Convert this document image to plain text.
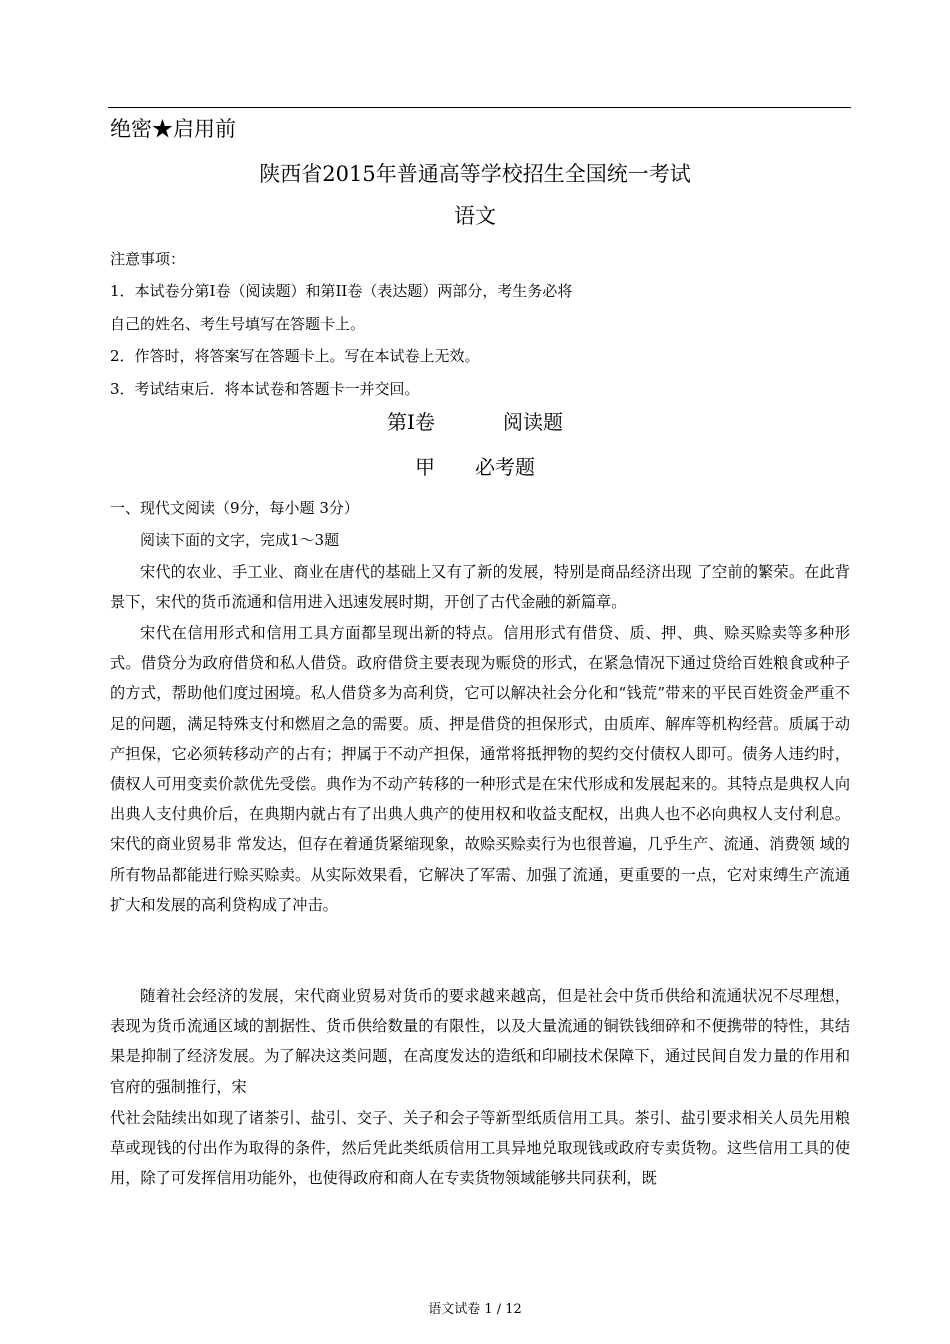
绝密★启用前
陕西省2015年普通高等学校招生全国统一考试
语文
注意事项：
1．本试卷分第I卷（阅读题）和第II卷（表达题）两部分，考生务必将
自己的姓名、考生号填写在答题卡上。
2．作答时，将答案写在答题卡上。写在本试卷上无效。
3．考试结束后．将本试卷和答题卡一并交回。
第I卷	阅读题
甲 必考题
一、现代文阅读（9分，每小题 3分）
阅读下面的文字，完成1～3题

宋代的农业、手工业、商业在唐代的基础上又有了新的发展，特别是商品经济出现 了空前的繁荣。在此背景下，宋代的货币流通和信用进入迅速发展时期，开创了古代金融的新篇章。

宋代在信用形式和信用工具方面都呈现出新的特点。信用形式有借贷、质、押、典、赊买赊卖等多种形式。借贷分为政府借贷和私人借贷。政府借贷主要表现为赈贷的形式，在紧急情况下通过贷给百姓粮食或种子的方式，帮助他们度过困境。私人借贷多为高利贷，它可以解决社会分化和“钱荒”带来的平民百姓资金严重不足的问题，满足特殊支付和燃眉之急的需要。质、押是借贷的担保形式，由质库、解库等机构经营。质属于动产担保，它必须转移动产的占有；押属于不动产担保，通常将抵押物的契约交付债权人即可。债务人违约时，债权人可用变卖价款优先受偿。典作为不动产转移的一种形式是在宋代形成和发展起来的。其特点是典权人向出典人支付典价后，在典期内就占有了出典人典产的使用权和收益支配权，出典人也不必向典权人支付利息。宋代的商业贸易非 常发达，但存在着通货紧缩现象，故赊买赊卖行为也很普遍，几乎生产、流通、消费领 域的所有物品都能进行赊买赊卖。从实际效果看，它解决了军需、加强了流通，更重要的一点，它对束缚生产流通扩大和发展的高利贷构成了冲击。

随着社会经济的发展，宋代商业贸易对货币的要求越来越高，但是社会中货币供给和流通状况不尽理想，表现为货币流通区域的割据性、货币供给数量的有限性，以及大量流通的铜铁钱细碎和不便携带的特性，其结果是抑制了经济发展。为了解决这类问题，在高度发达的造纸和印刷技术保障下，通过民间自发力量的作用和官府的强制推行，宋

代社会陆续出如现了诸茶引、盐引、交子、关子和会子等新型纸质信用工具。茶引、盐引要求相关人员先用粮草或现钱的付出作为取得的条件，然后凭此类纸质信用工具异地兑取现钱或政府专卖货物。这些信用工具的使用，除了可发挥信用功能外，也使得政府和商人在专卖货物领域能够共同获利，既

语文试卷 1 / 12
